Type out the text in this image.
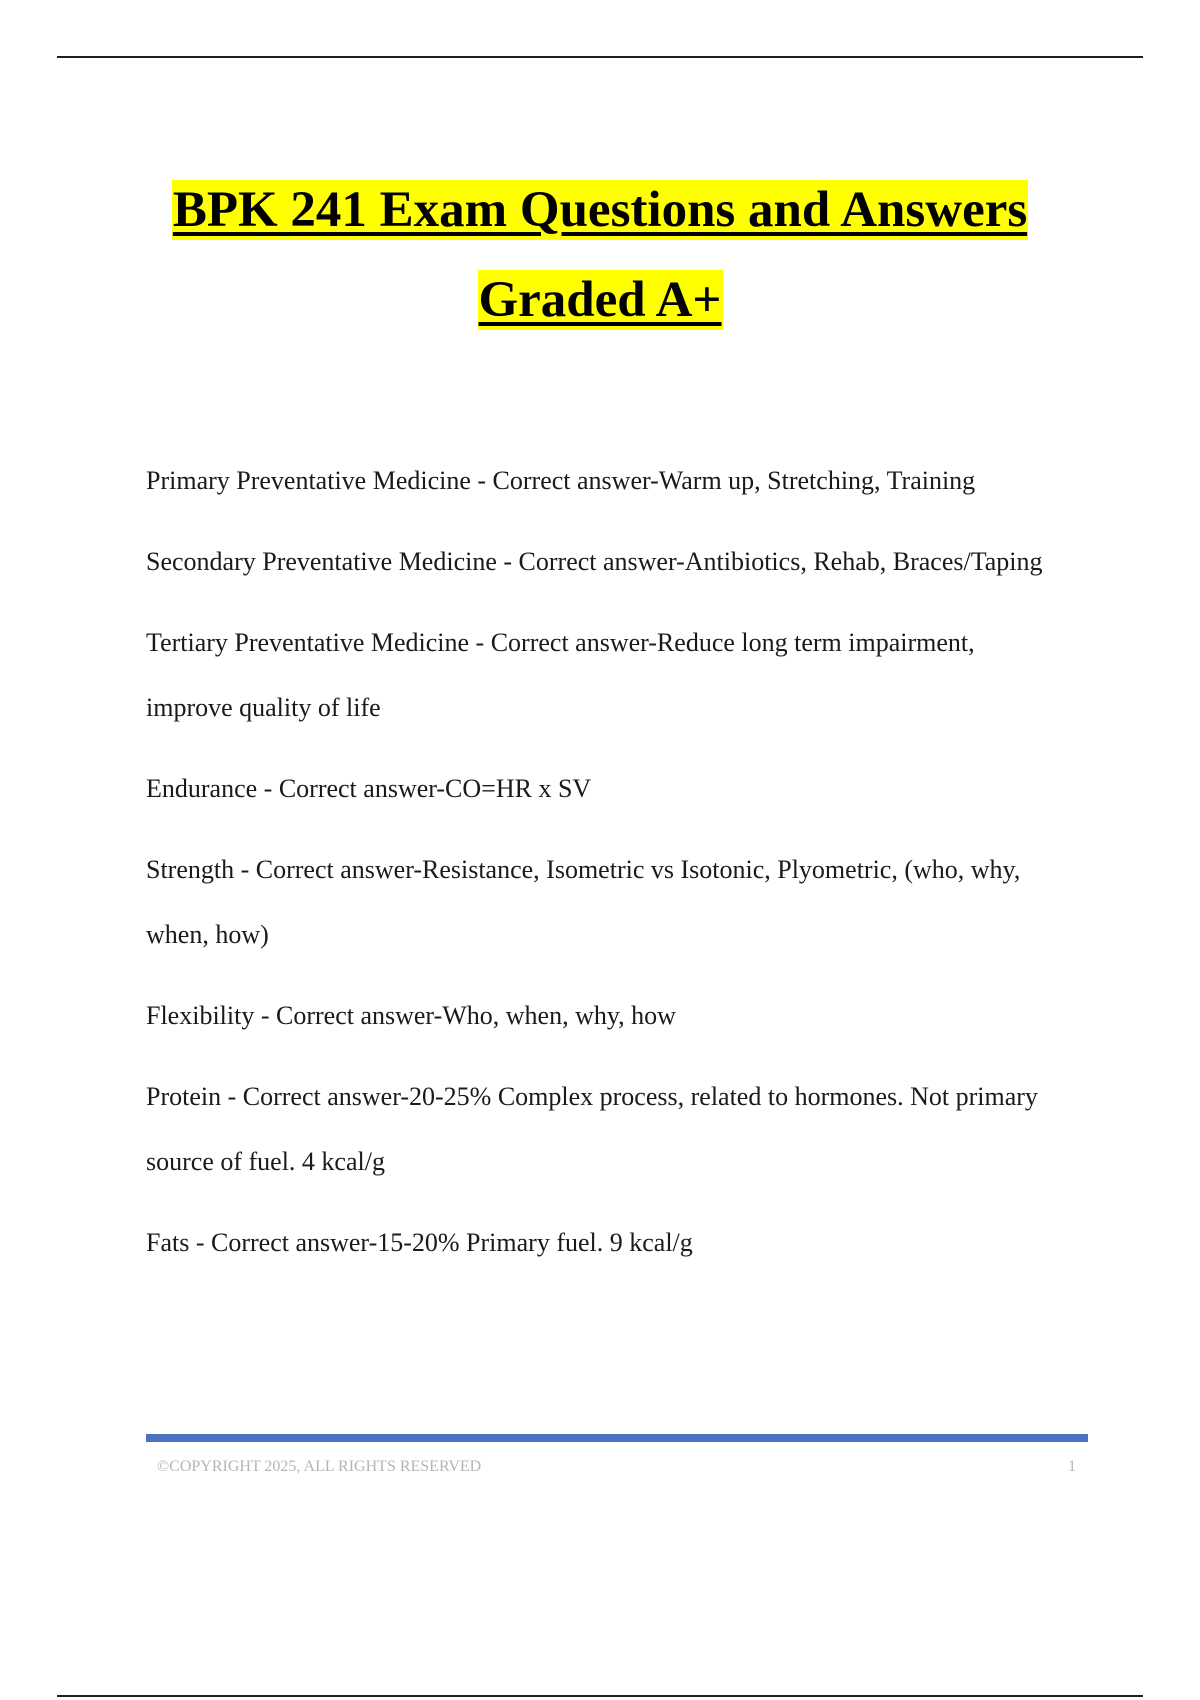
BPK 241 Exam Questions and Answers
Graded A+
Primary Preventative Medicine - Correct answer-Warm up, Stretching, Training
Secondary Preventative Medicine - Correct answer-Antibiotics, Rehab, Braces/Taping
Tertiary Preventative Medicine - Correct answer-Reduce long term impairment, improve quality of life
Endurance - Correct answer-CO=HR x SV
Strength - Correct answer-Resistance, Isometric vs Isotonic, Plyometric, (who, why, when, how)
Flexibility - Correct answer-Who, when, why, how
Protein - Correct answer-20-25% Complex process, related to hormones. Not primary source of fuel. 4 kcal/g
Fats - Correct answer-15-20% Primary fuel. 9 kcal/g
©COPYRIGHT 2025, ALL RIGHTS RESERVED	1
